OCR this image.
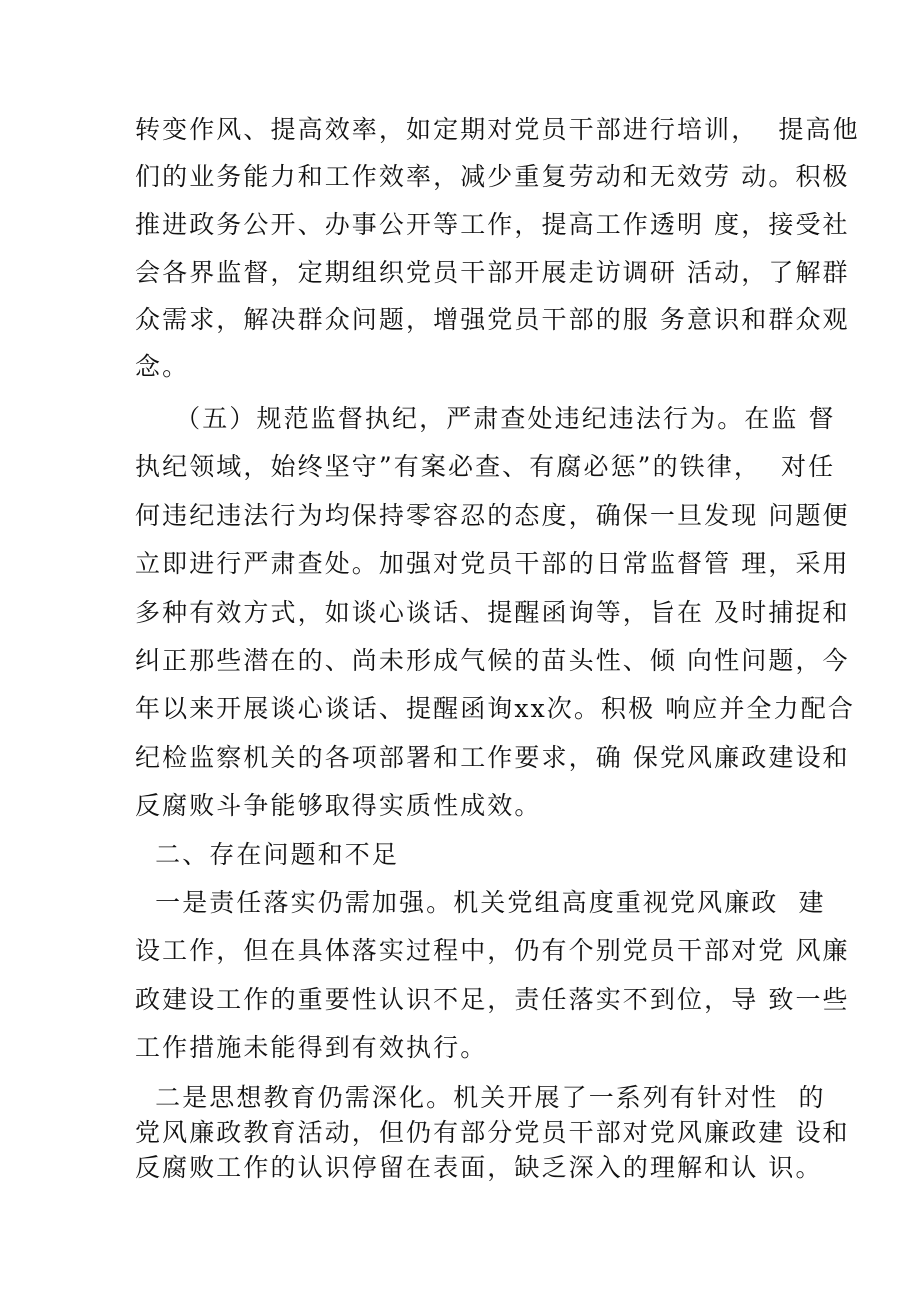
转变作风、提高效率，如定期对党员干部进行培训，  提高他
们的业务能力和工作效率，减少重复劳动和无效劳 动。积极
推进政务公开、办事公开等工作，提高工作透明 度，接受社
会各界监督，定期组织党员干部开展走访调研 活动，了解群
众需求，解决群众问题，增强党员干部的服 务意识和群众观
念。
（五）规范监督执纪，严肃查处违纪违法行为。在监 督
执纪领域，始终坚守”有案必查、有腐必惩”的铁律，  对任
何违纪违法行为均保持零容忍的态度，确保一旦发现 问题便
立即进行严肃查处。加强对党员干部的日常监督管 理，采用
多种有效方式，如谈心谈话、提醒函询等，旨在 及时捕捉和
纠正那些潜在的、尚未形成气候的苗头性、倾 向性问题，今
年以来开展谈心谈话、提醒函询xx次。积极 响应并全力配合
纪检监察机关的各项部署和工作要求，确 保党风廉政建设和
反腐败斗争能够取得实质性成效。
二、存在问题和不足
一是责任落实仍需加强。机关党组高度重视党风廉政  建
设工作，但在具体落实过程中，仍有个别党员干部对党 风廉
政建设工作的重要性认识不足，责任落实不到位，导 致一些
工作措施未能得到有效执行。
二是思想教育仍需深化。机关开展了一系列有针对性  的
党风廉政教育活动，但仍有部分党员干部对党风廉政建 设和
反腐败工作的认识停留在表面，缺乏深入的理解和认 识。
